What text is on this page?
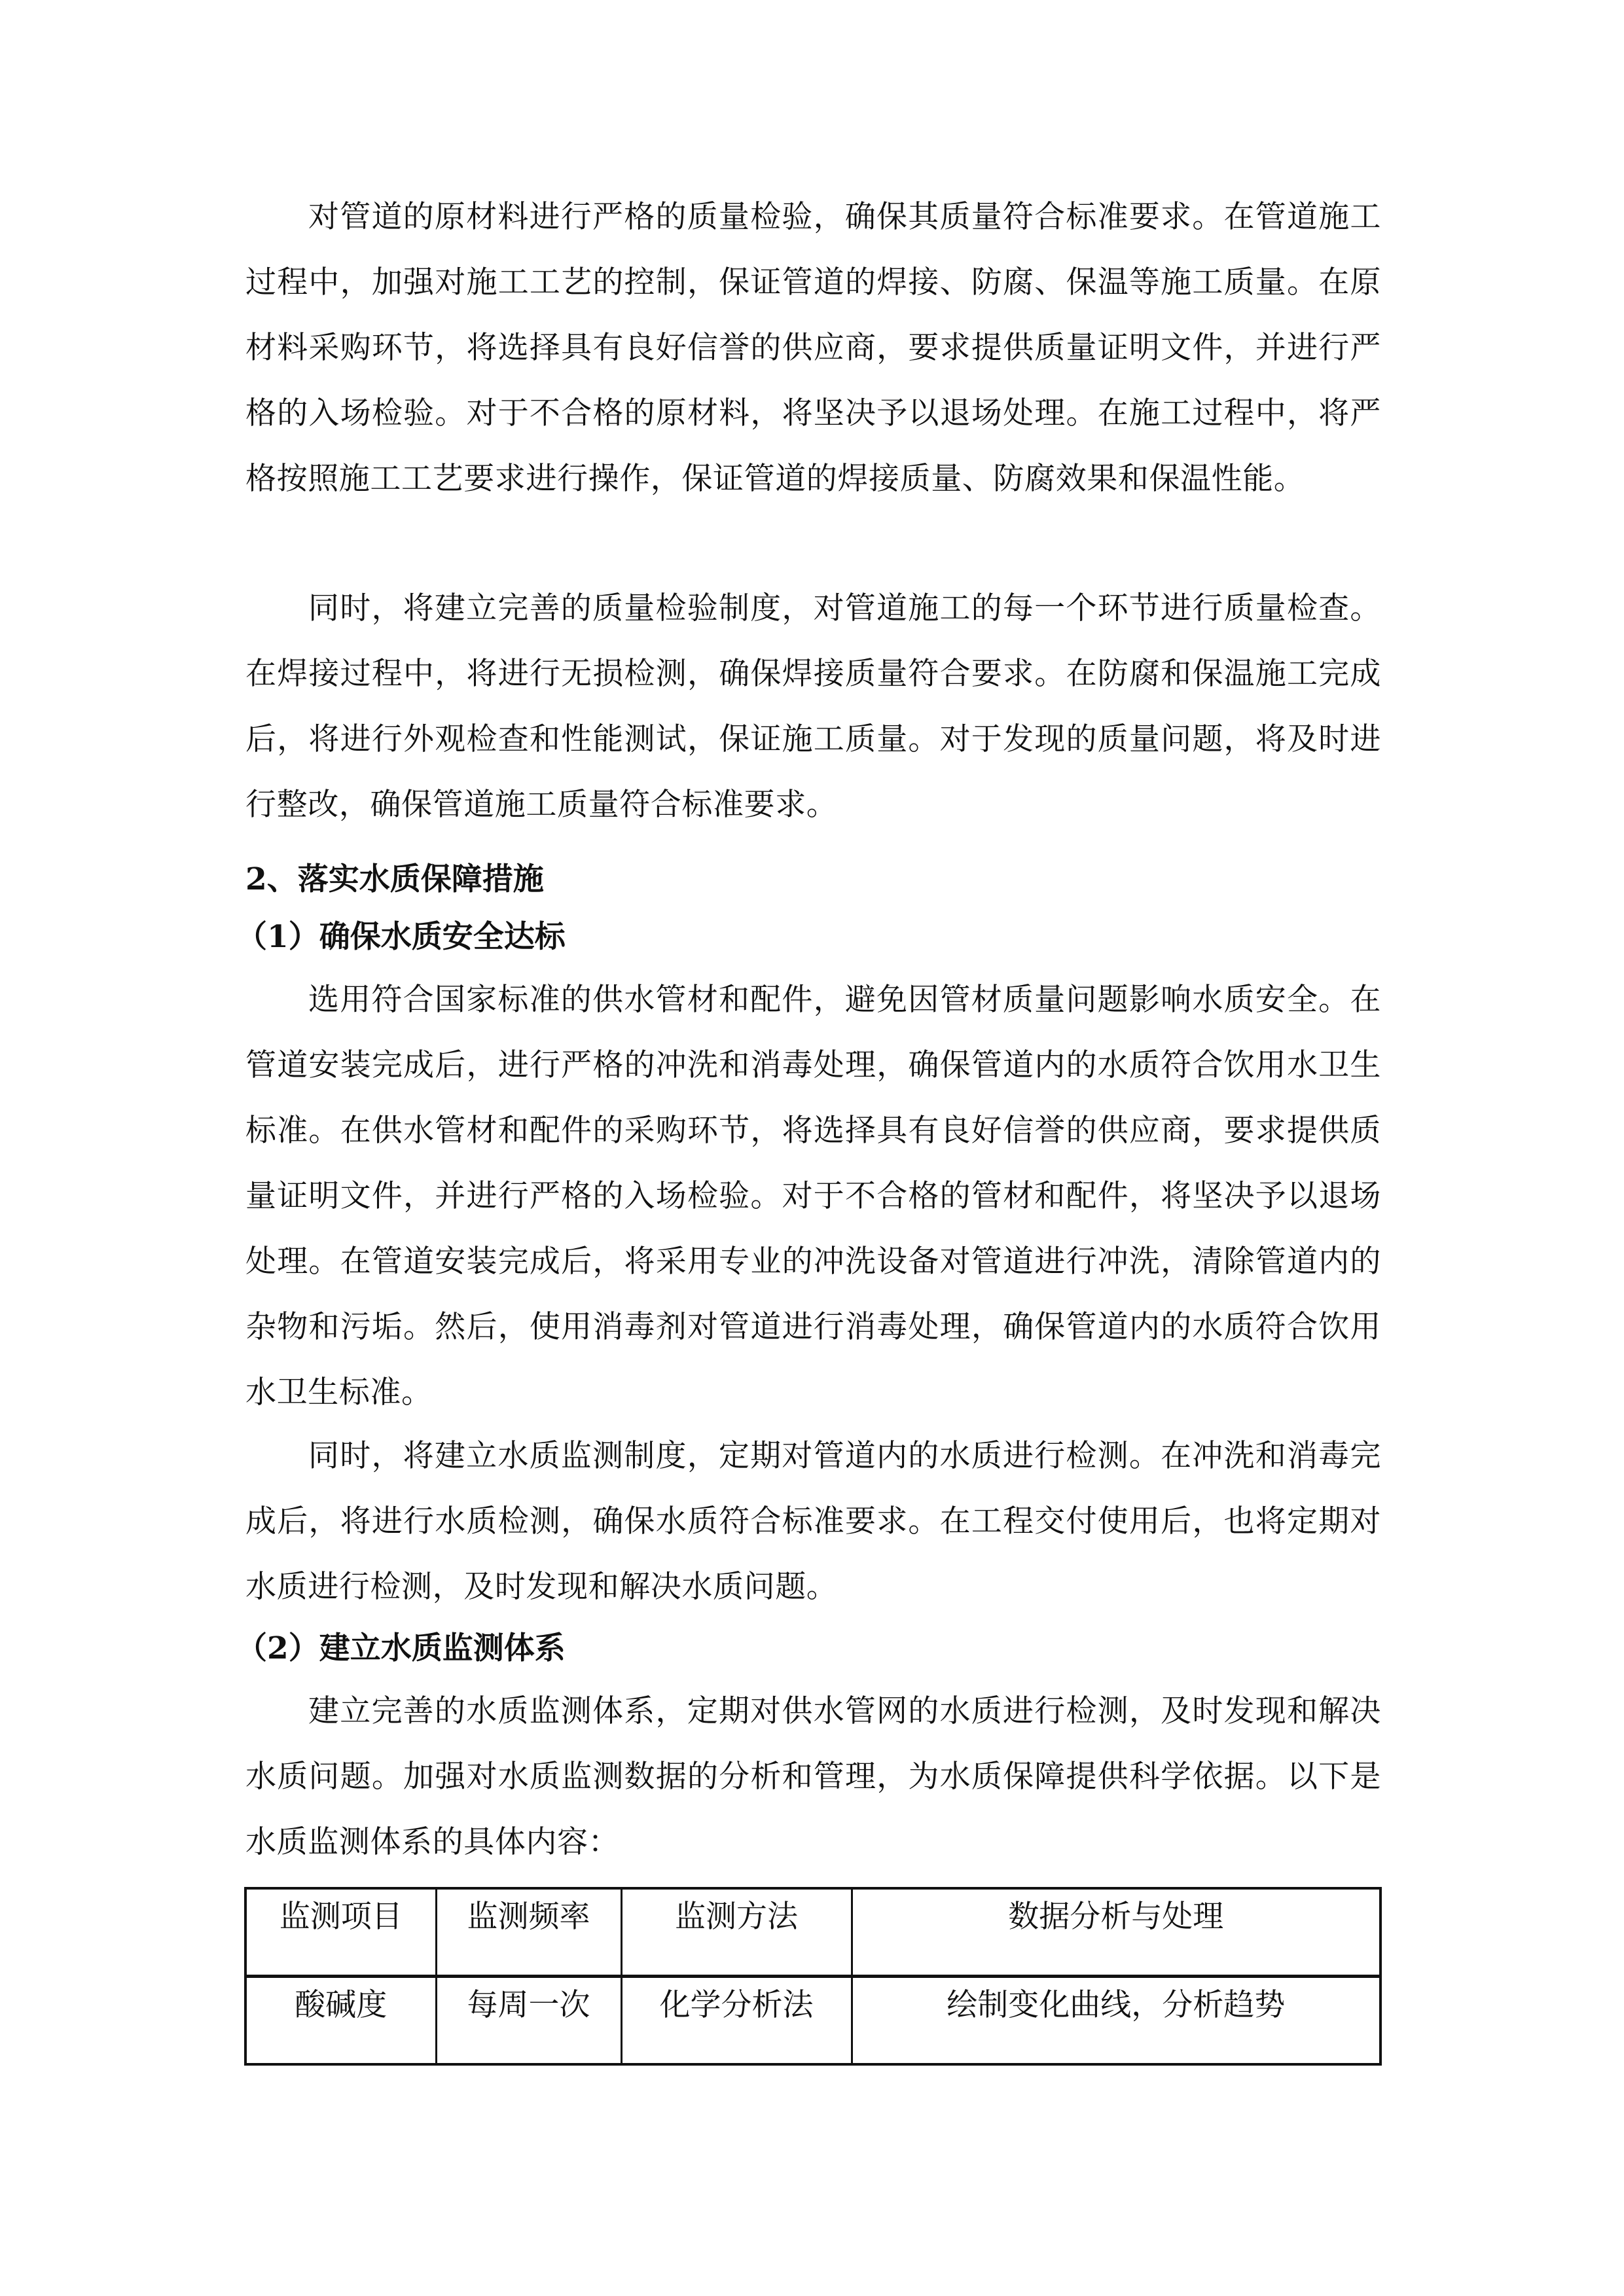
对管道的原材料进行严格的质量检验，确保其质量符合标准要求。在管道施工过程中，加强对施工工艺的控制，保证管道的焊接、防腐、保温等施工质量。在原材料采购环节，将选择具有良好信誉的供应商，要求提供质量证明文件，并进行严格的入场检验。对于不合格的原材料，将坚决予以退场处理。在施工过程中，将严格按照施工工艺要求进行操作，保证管道的焊接质量、防腐效果和保温性能。

同时，将建立完善的质量检验制度，对管道施工的每一个环节进行质量检查。在焊接过程中，将进行无损检测，确保焊接质量符合要求。在防腐和保温施工完成后，将进行外观检查和性能测试，保证施工质量。对于发现的质量问题，将及时进行整改，确保管道施工质量符合标准要求。

2、落实水质保障措施
（1）确保水质安全达标

选用符合国家标准的供水管材和配件，避免因管材质量问题影响水质安全。在管道安装完成后，进行严格的冲洗和消毒处理，确保管道内的水质符合饮用水卫生标准。在供水管材和配件的采购环节，将选择具有良好信誉的供应商，要求提供质量证明文件，并进行严格的入场检验。对于不合格的管材和配件，将坚决予以退场处理。在管道安装完成后，将采用专业的冲洗设备对管道进行冲洗，清除管道内的杂物和污垢。然后，使用消毒剂对管道进行消毒处理，确保管道内的水质符合饮用水卫生标准。

同时，将建立水质监测制度，定期对管道内的水质进行检测。在冲洗和消毒完成后，将进行水质检测，确保水质符合标准要求。在工程交付使用后，也将定期对水质进行检测，及时发现和解决水质问题。

（2）建立水质监测体系

建立完善的水质监测体系，定期对供水管网的水质进行检测，及时发现和解决水质问题。加强对水质监测数据的分析和管理，为水质保障提供科学依据。以下是水质监测体系的具体内容：

监测项目	监测频率	监测方法	数据分析与处理
酸碱度	每周一次	化学分析法	绘制变化曲线，分析趋势
